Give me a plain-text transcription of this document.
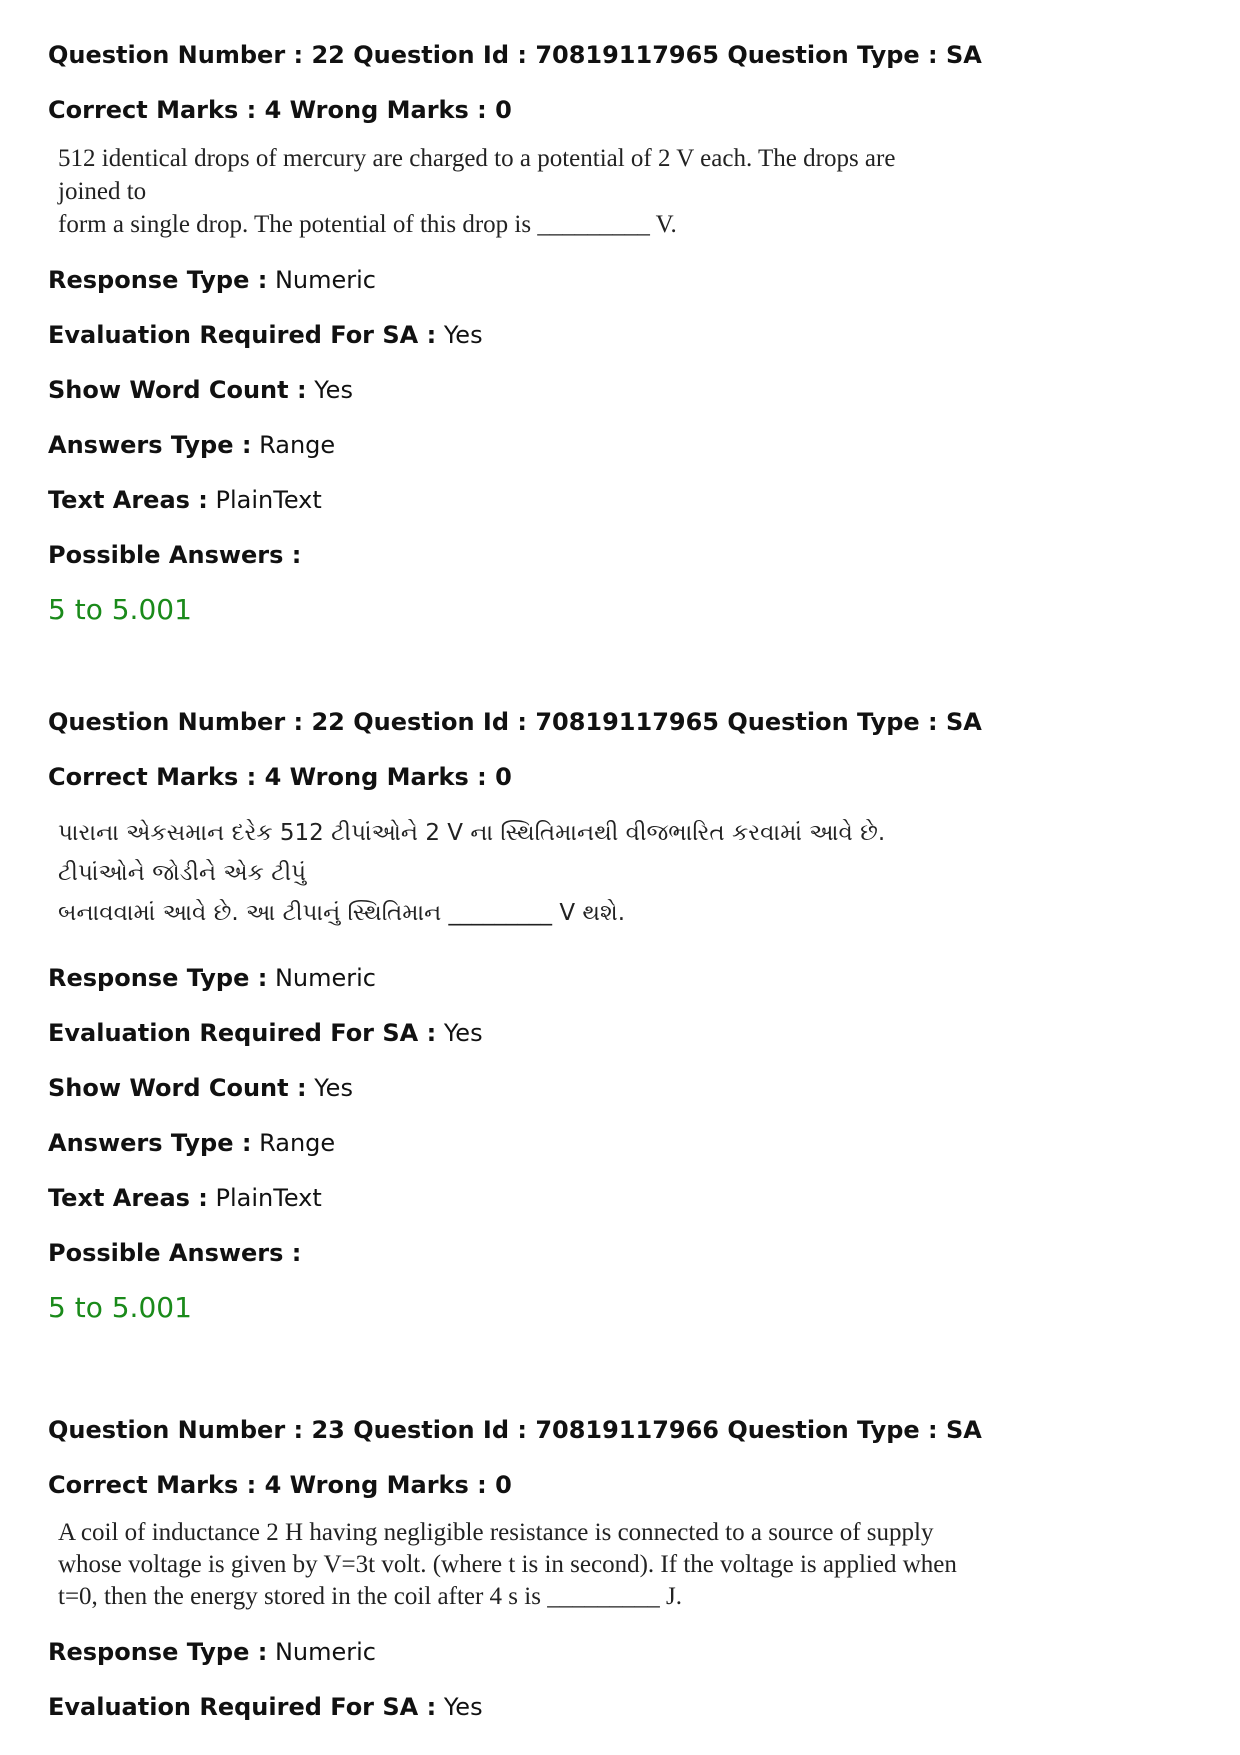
Question Number : 22 Question Id : 70819117965 Question Type : SA
Correct Marks : 4 Wrong Marks : 0
512 identical drops of mercury are charged to a potential of 2 V each. The drops are joined to
form a single drop. The potential of this drop is _________ V.
Response Type : Numeric
Evaluation Required For SA : Yes
Show Word Count : Yes
Answers Type : Range
Text Areas : PlainText
Possible Answers :
5 to 5.001
Question Number : 22 Question Id : 70819117965 Question Type : SA
Correct Marks : 4 Wrong Marks : 0
પારાના એકસમાન દરેક 512 ટીપાંઓને 2 V ના સ્થિતિમાનથી વીજભારિત કરવામાં આવે છે. ટીપાંઓને જોડીને એક ટીપું
બનાવવામાં આવે છે. આ ટીપાનું સ્થિતિમાન _________ V થશે.
Response Type : Numeric
Evaluation Required For SA : Yes
Show Word Count : Yes
Answers Type : Range
Text Areas : PlainText
Possible Answers :
5 to 5.001
Question Number : 23 Question Id : 70819117966 Question Type : SA
Correct Marks : 4 Wrong Marks : 0
A coil of inductance 2 H having negligible resistance is connected to a source of supply
whose voltage is given by V=3t volt. (where t is in second). If the voltage is applied when
t=0, then the energy stored in the coil after 4 s is _________ J.
Response Type : Numeric
Evaluation Required For SA : Yes
